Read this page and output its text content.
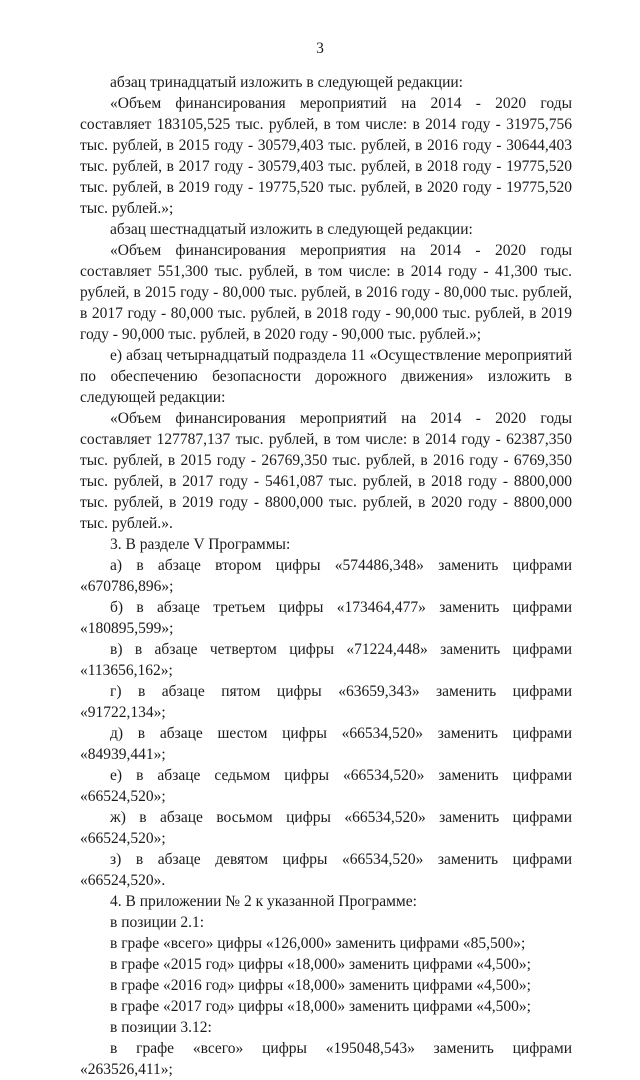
3

абзац тринадцатый изложить в следующей редакции:

«Объем финансирования мероприятий на 2014 - 2020 годы составляет 183105,525 тыс. рублей, в том числе: в 2014 году - 31975,756 тыс. рублей, в 2015 году - 30579,403 тыс. рублей, в 2016 году - 30644,403 тыс. рублей, в 2017 году - 30579,403 тыс. рублей, в 2018 году - 19775,520 тыс. рублей, в 2019 году - 19775,520 тыс. рублей, в 2020 году - 19775,520 тыс. рублей.»;

абзац шестнадцатый изложить в следующей редакции:

«Объем финансирования мероприятия на 2014 - 2020 годы составляет 551,300 тыс. рублей, в том числе: в 2014 году - 41,300 тыс. рублей, в 2015 году - 80,000 тыс. рублей, в 2016 году - 80,000 тыс. рублей, в 2017 году - 80,000 тыс. рублей, в 2018 году - 90,000 тыс. рублей, в 2019 году - 90,000 тыс. рублей, в 2020 году - 90,000 тыс. рублей.»;

е) абзац четырнадцатый подраздела 11 «Осуществление мероприятий по обеспечению безопасности дорожного движения» изложить в следующей редакции:

«Объем финансирования мероприятий на 2014 - 2020 годы составляет 127787,137 тыс. рублей, в том числе: в 2014 году - 62387,350 тыс. рублей, в 2015 году - 26769,350 тыс. рублей, в 2016 году - 6769,350 тыс. рублей, в 2017 году - 5461,087 тыс. рублей, в 2018 году - 8800,000 тыс. рублей, в 2019 году - 8800,000 тыс. рублей, в 2020 году - 8800,000 тыс. рублей.».

3. В разделе V Программы:

а) в абзаце втором цифры «574486,348» заменить цифрами «670786,896»;

б) в абзаце третьем цифры «173464,477» заменить цифрами «180895,599»;

в) в абзаце четвертом цифры «71224,448» заменить цифрами «113656,162»;

г) в абзаце пятом цифры «63659,343» заменить цифрами «91722,134»;

д) в абзаце шестом цифры «66534,520» заменить цифрами «84939,441»;

е) в абзаце седьмом цифры «66534,520» заменить цифрами «66524,520»;

ж) в абзаце восьмом цифры «66534,520» заменить цифрами «66524,520»;

з) в абзаце девятом цифры «66534,520» заменить цифрами «66524,520».

4. В приложении № 2 к указанной Программе:

в позиции 2.1:

в графе «всего» цифры «126,000» заменить цифрами «85,500»;

в графе «2015 год» цифры «18,000» заменить цифрами «4,500»;

в графе «2016 год» цифры «18,000» заменить цифрами «4,500»;

в графе «2017 год» цифры «18,000» заменить цифрами «4,500»;

в позиции 3.12:

в графе «всего» цифры «195048,543» заменить цифрами «263526,411»;
